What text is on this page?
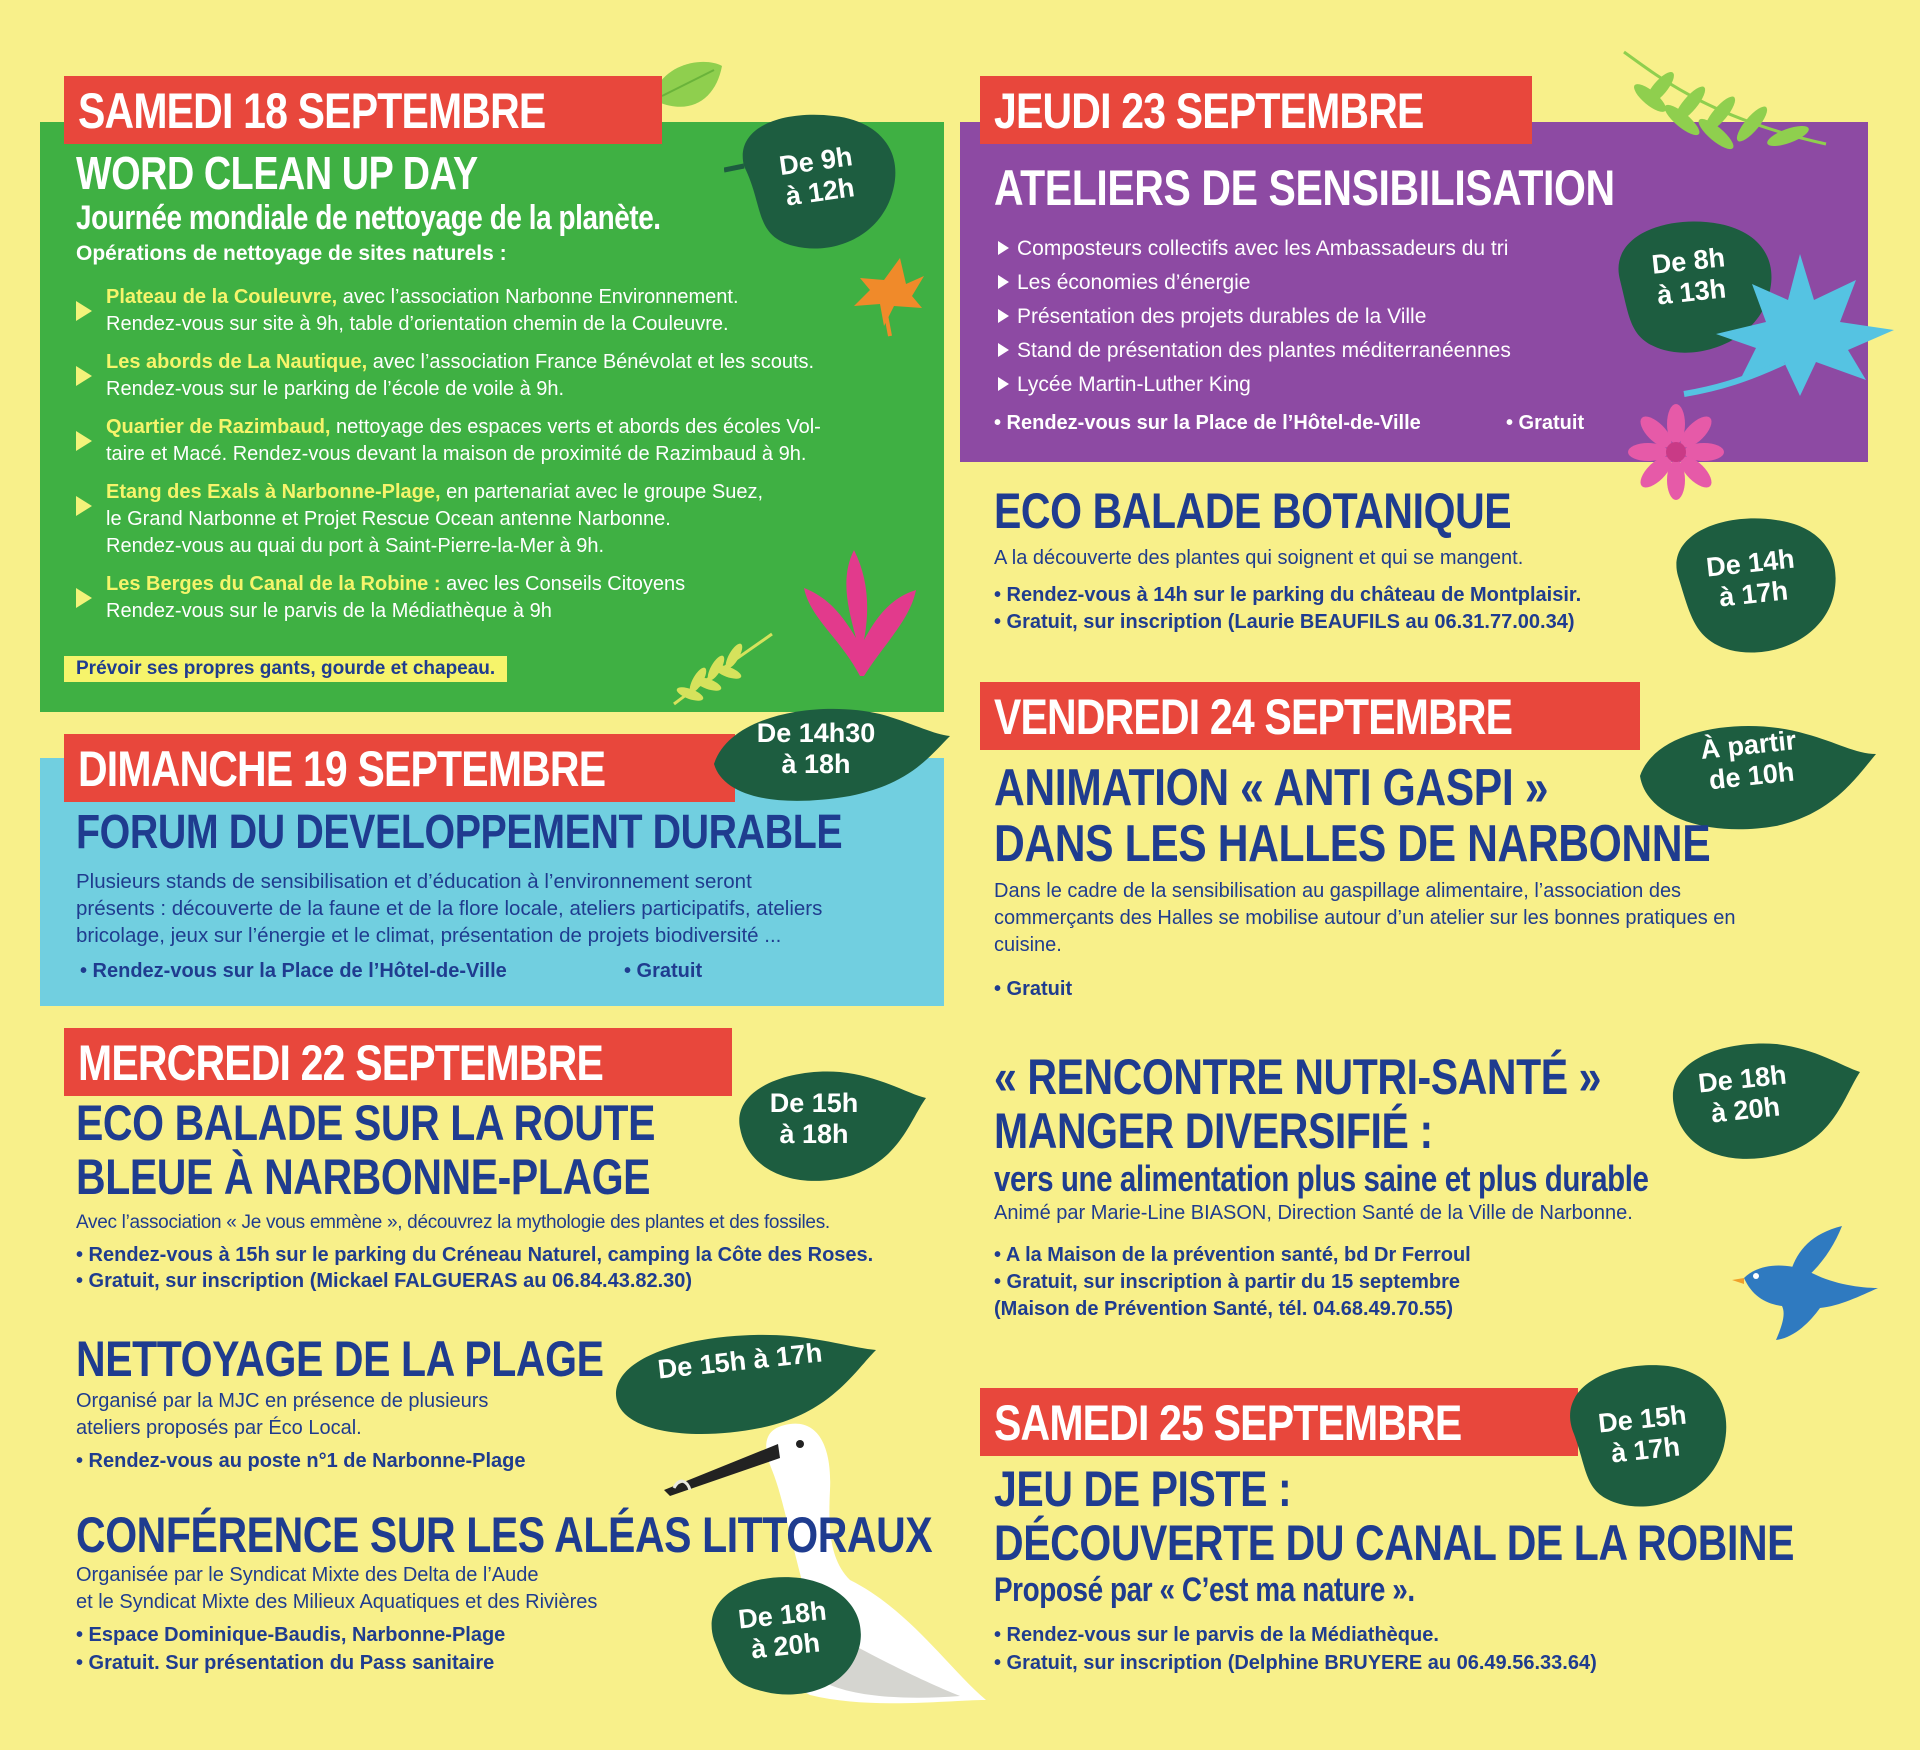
SAMEDI 18 SEPTEMBRE
WORD CLEAN UP DAY
Journée mondiale de nettoyage de la planète.
Opérations de nettoyage de sites naturels :
De 9h
à 12h
Plateau de la Couleuvre, avec l’association Narbonne Environnement.
Rendez-vous sur site à 9h, table d’orientation chemin de la Couleuvre.
Les abords de La Nautique, avec l’association France Bénévolat et les scouts.
Rendez-vous sur le parking de l’école de voile à 9h.
Quartier de Razimbaud, nettoyage des espaces verts et abords des écoles Vol-
taire et Macé. Rendez-vous devant la maison de proximité de Razimbaud à 9h.
Etang des Exals à Narbonne-Plage, en partenariat avec le groupe Suez,
le Grand Narbonne et Projet Rescue Ocean antenne Narbonne.
Rendez-vous au quai du port à Saint-Pierre-la-Mer à 9h.
Les Berges du Canal de la Robine : avec les Conseils Citoyens
Rendez-vous sur le parvis de la Médiathèque à 9h
Prévoir ses propres gants, gourde et chapeau.
DIMANCHE 19 SEPTEMBRE
De 14h30
à 18h
FORUM DU DEVELOPPEMENT DURABLE
Plusieurs stands de sensibilisation et d’éducation à l’environnement seront
présents : découverte de la faune et de la flore locale, ateliers participatifs, ateliers
bricolage, jeux sur l’énergie et le climat, présentation de projets biodiversité ...
• Rendez-vous sur la Place de l’Hôtel-de-Ville	• Gratuit
MERCREDI 22 SEPTEMBRE
De 15h
à 18h
ECO BALADE SUR LA ROUTE
BLEUE À NARBONNE-PLAGE
Avec l’association « Je vous emmène », découvrez la mythologie des plantes et des fossiles.
• Rendez-vous à 15h sur le parking du Créneau Naturel, camping la Côte des Roses.
• Gratuit, sur inscription (Mickael FALGUERAS au 06.84.43.82.30)
De 15h à 17h
NETTOYAGE DE LA PLAGE
Organisé par la MJC en présence de plusieurs
ateliers proposés par Éco Local.
• Rendez-vous au poste n°1 de Narbonne-Plage
CONFÉRENCE SUR LES ALÉAS LITTORAUX
Organisée par le Syndicat Mixte des Delta de l’Aude
et le Syndicat Mixte des Milieux Aquatiques et des Rivières
• Espace Dominique-Baudis, Narbonne-Plage
• Gratuit. Sur présentation du Pass sanitaire
De 18h
à 20h
JEUDI 23 SEPTEMBRE
ATELIERS DE SENSIBILISATION
Composteurs collectifs avec les Ambassadeurs du tri
Les économies d’énergie
Présentation des projets durables de la Ville
Stand de présentation des plantes méditerranéennes
Lycée Martin-Luther King
• Rendez-vous sur la Place de l’Hôtel-de-Ville	• Gratuit
De 8h
à 13h
ECO BALADE BOTANIQUE
A la découverte des plantes qui soignent et qui se mangent.
• Rendez-vous à 14h sur le parking du château de Montplaisir.
• Gratuit, sur inscription (Laurie BEAUFILS au 06.31.77.00.34)
De 14h
à 17h
VENDREDI 24 SEPTEMBRE
À partir
de 10h
ANIMATION « ANTI GASPI »
DANS LES HALLES DE NARBONNE
Dans le cadre de la sensibilisation au gaspillage alimentaire, l’association des
commerçants des Halles se mobilise autour d’un atelier sur les bonnes pratiques en
cuisine.
• Gratuit
De 18h
à 20h
« RENCONTRE NUTRI-SANTÉ »
MANGER DIVERSIFIÉ :
vers une alimentation plus saine et plus durable
Animé par Marie-Line BIASON, Direction Santé de la Ville de Narbonne.
• A la Maison de la prévention santé, bd Dr Ferroul
• Gratuit, sur inscription à partir du 15 septembre
(Maison de Prévention Santé, tél. 04.68.49.70.55)
SAMEDI 25 SEPTEMBRE	De 15h
à 17h
JEU DE PISTE :
DÉCOUVERTE DU CANAL DE LA ROBINE
Proposé par « C’est ma nature ».
• Rendez-vous sur le parvis de la Médiathèque.
• Gratuit, sur inscription (Delphine BRUYERE au 06.49.56.33.64)
